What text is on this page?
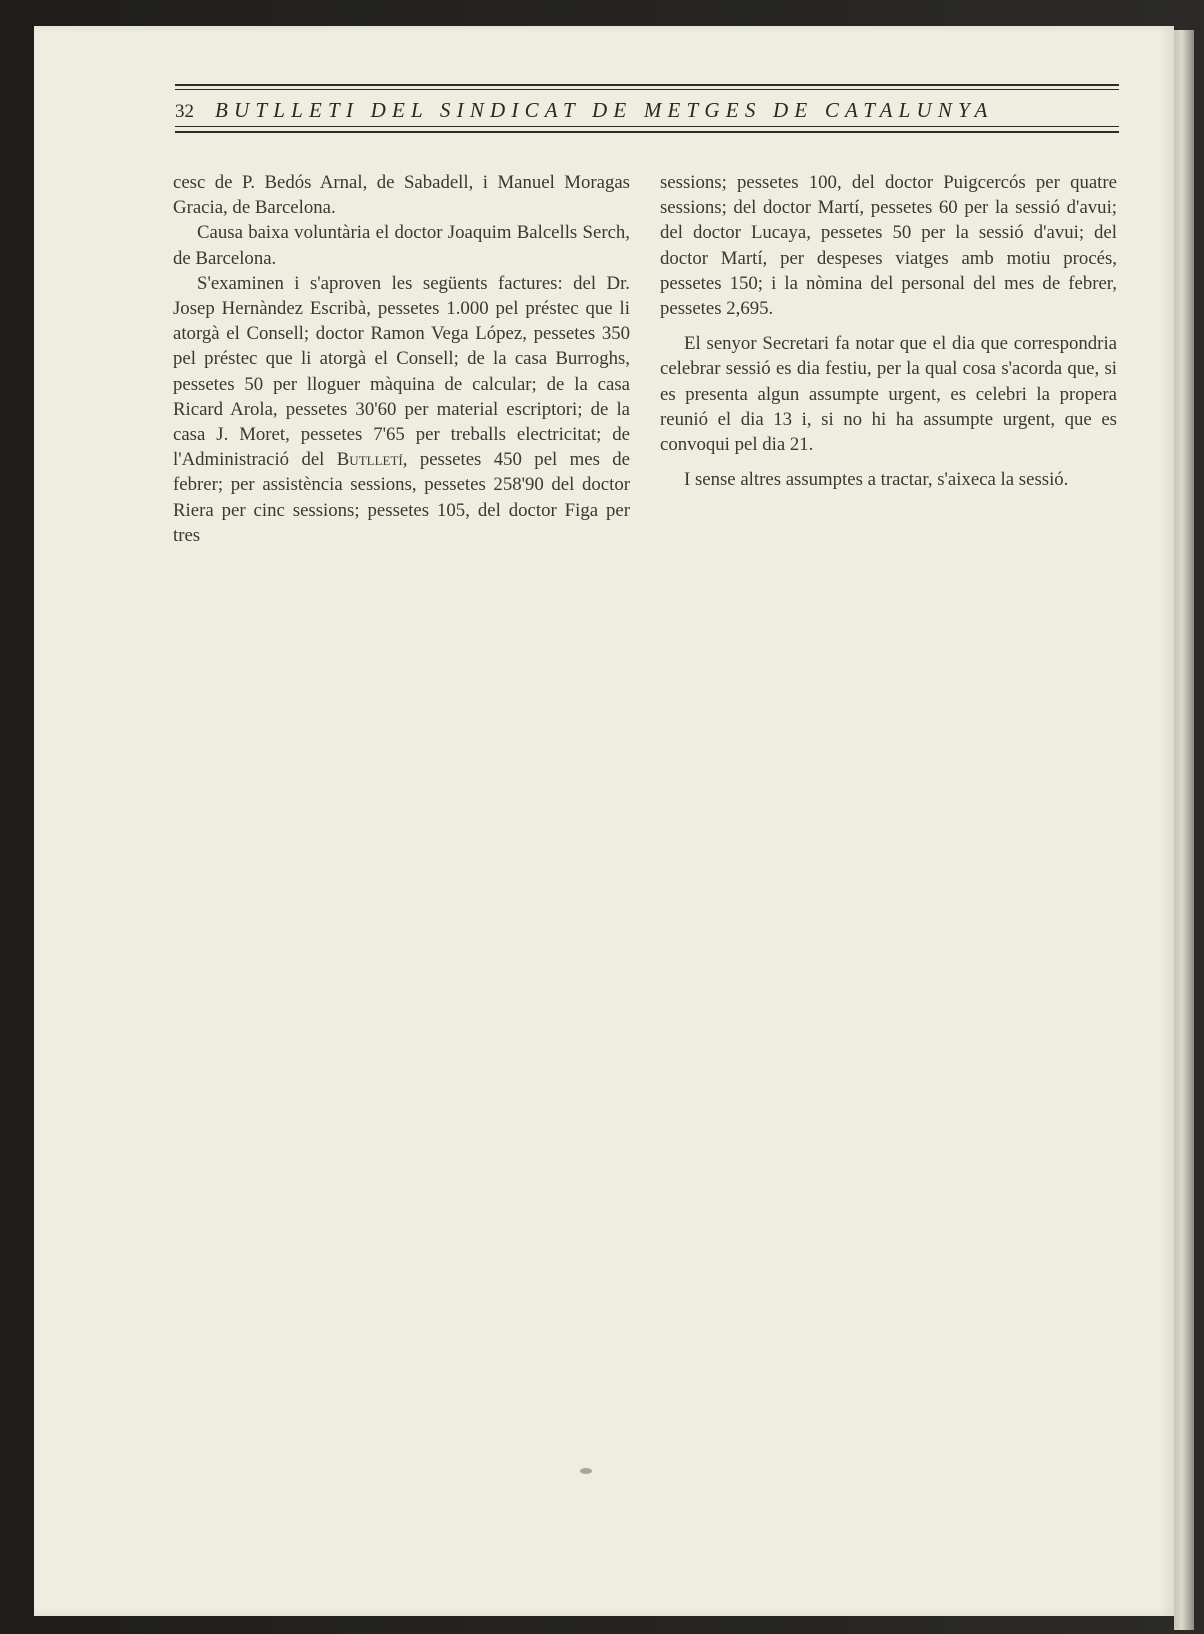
32	BUTLLETI DEL SINDICAT DE METGES DE CATALUNYA

cesc de P. Bedós Arnal, de Sabadell, i Manuel Moragas Gracia, de Barcelona.

Causa baixa voluntària el doctor Joaquim Balcells Serch, de Barcelona.

S'examinen i s'aproven les següents factures: del Dr. Josep Hernàndez Escribà, pessetes 1.000 pel préstec que li atorgà el Consell; doctor Ramon Vega López, pessetes 350 pel préstec que li atorgà el Consell; de la casa Burroghs, pessetes 50 per lloguer màquina de calcular; de la casa Ricard Arola, pessetes 30'60 per material escriptori; de la casa J. Moret, pessetes 7'65 per treballs electricitat; de l'Administració del Butlletí, pessetes 450 pel mes de febrer; per assistència sessions, pessetes 258'90 del doctor Riera per cinc sessions; pessetes 105, del doctor Figa per tres

sessions; pessetes 100, del doctor Puigcercós per quatre sessions; del doctor Martí, pessetes 60 per la sessió d'avui; del doctor Lucaya, pessetes 50 per la sessió d'avui; del doctor Martí, per despeses viatges amb motiu procés, pessetes 150; i la nòmina del personal del mes de febrer, pessetes 2,695.

El senyor Secretari fa notar que el dia que correspondria celebrar sessió es dia festiu, per la qual cosa s'acorda que, si es presenta algun assumpte urgent, es celebri la propera reunió el dia 13 i, si no hi ha assumpte urgent, que es convoqui pel dia 21.

I sense altres assumptes a tractar, s'aixeca la sessió.
